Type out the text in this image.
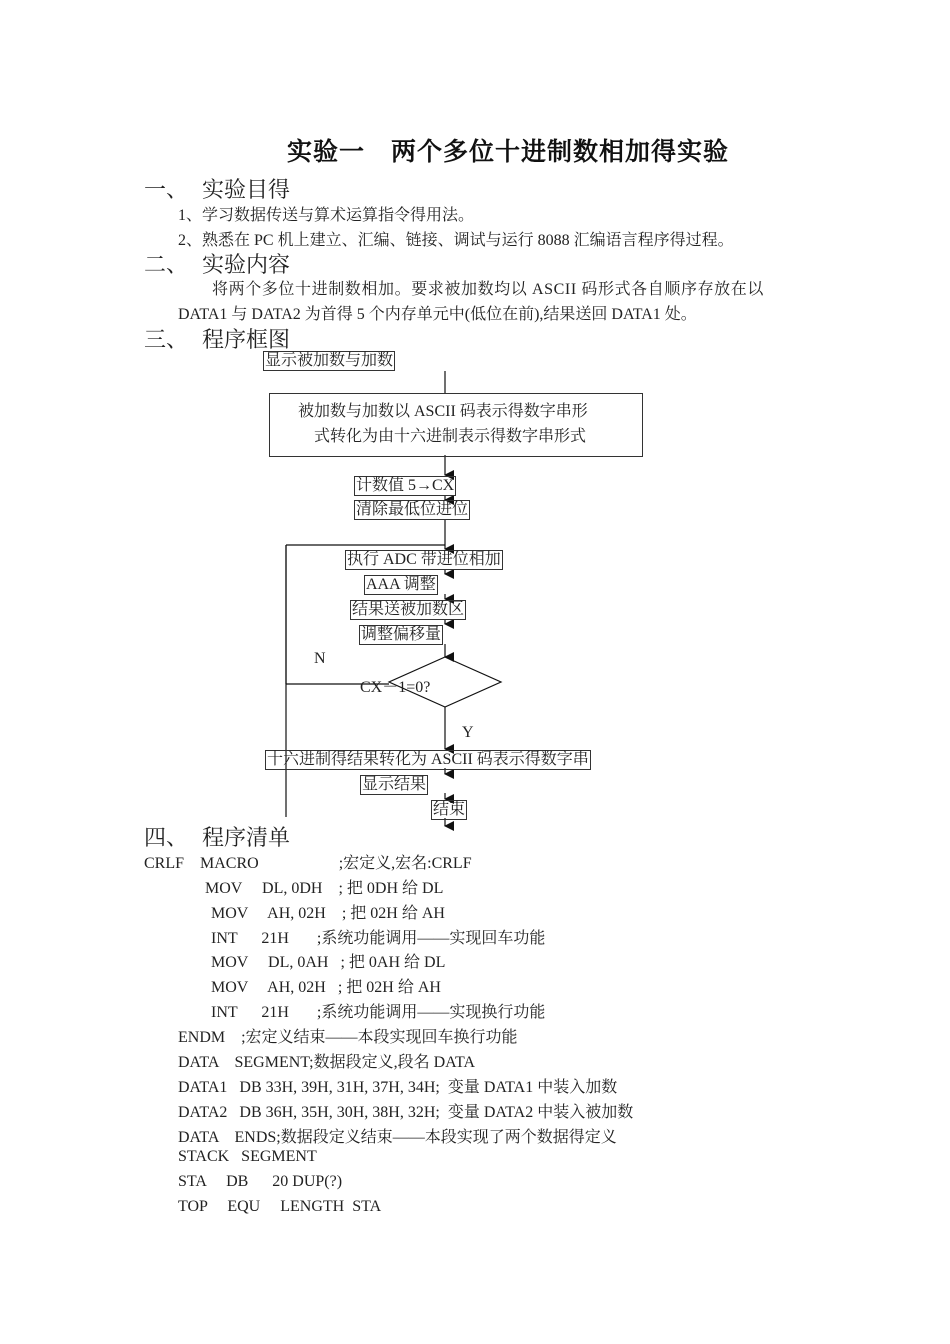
实验一　两个多位十进制数相加得实验
一、 实验目得
1、学习数据传送与算术运算指令得用法。
2、熟悉在 PC 机上建立、汇编、链接、调试与运行 8088 汇编语言程序得过程。
二、 实验内容
将两个多位十进制数相加。要求被加数均以 ASCII 码形式各自顺序存放在以
DATA1 与 DATA2 为首得 5 个内存单元中(低位在前),结果送回 DATA1 处。
三、 程序框图
显示被加数与加数
被加数与加数以 ASCII 码表示得数字串形
式转化为由十六进制表示得数字串形式
计数值 5→CX
清除最低位进位
执行 ADC 带进位相加
AAA 调整
结果送被加数区
调整偏移量
CX－1=0?
N
Y
十六进制得结果转化为 ASCII 码表示得数字串
显示结果
结束
四、 程序清单
CRLF    MACRO                    ;宏定义,宏名:CRLF
MOV     DL, 0DH    ; 把 0DH 给 DL
MOV     AH, 02H    ; 把 02H 给 AH
INT      21H       ;系统功能调用——实现回车功能
MOV     DL, 0AH   ; 把 0AH 给 DL
MOV     AH, 02H   ; 把 02H 给 AH
INT      21H       ;系统功能调用——实现换行功能
ENDM    ;宏定义结束——本段实现回车换行功能
DATA    SEGMENT;数据段定义,段名 DATA
DATA1   DB 33H, 39H, 31H, 37H, 34H;  变量 DATA1 中装入加数
DATA2   DB 36H, 35H, 30H, 38H, 32H;  变量 DATA2 中装入被加数
DATA    ENDS;数据段定义结束——本段实现了两个数据得定义
STACK   SEGMENT
STA     DB      20 DUP(?)
TOP     EQU     LENGTH  STA
